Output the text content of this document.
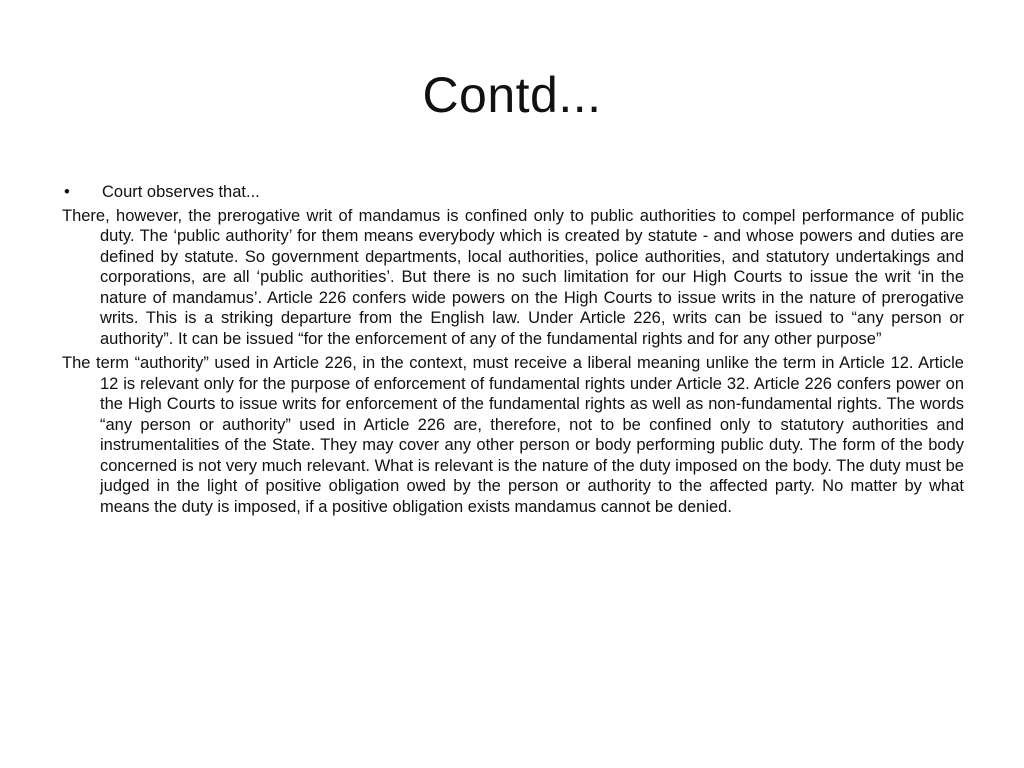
Contd...
•	Court observes that...

There, however, the prerogative writ of mandamus is confined only to public authorities to compel performance of public duty. The ‘public authority’ for them means everybody which is created by statute - and whose powers and duties are defined by statute. So government departments, local authorities, police authorities, and statutory undertakings and corporations, are all ‘public authorities’. But there is no such limitation for our High Courts to issue the writ ‘in the nature of mandamus’. Article 226 confers wide powers on the High Courts to issue writs in the nature of prerogative writs. This is a striking departure from the English law. Under Article 226, writs can be issued to “any person or authority”. It can be issued “for the enforcement of any of the fundamental rights and for any other purpose”

The term “authority” used in Article 226, in the context, must receive a liberal meaning unlike the term in Article 12. Article 12 is relevant only for the purpose of enforcement of fundamental rights under Article 32. Article 226 confers power on the High Courts to issue writs for enforcement of the fundamental rights as well as non-fundamental rights. The words “any person or authority” used in Article 226 are, therefore, not to be confined only to statutory authorities and instrumentalities of the State. They may cover any other person or body performing public duty. The form of the body concerned is not very much relevant. What is relevant is the nature of the duty imposed on the body. The duty must be judged in the light of positive obligation owed by the person or authority to the affected party. No matter by what means the duty is imposed, if a positive obligation exists mandamus cannot be denied.
